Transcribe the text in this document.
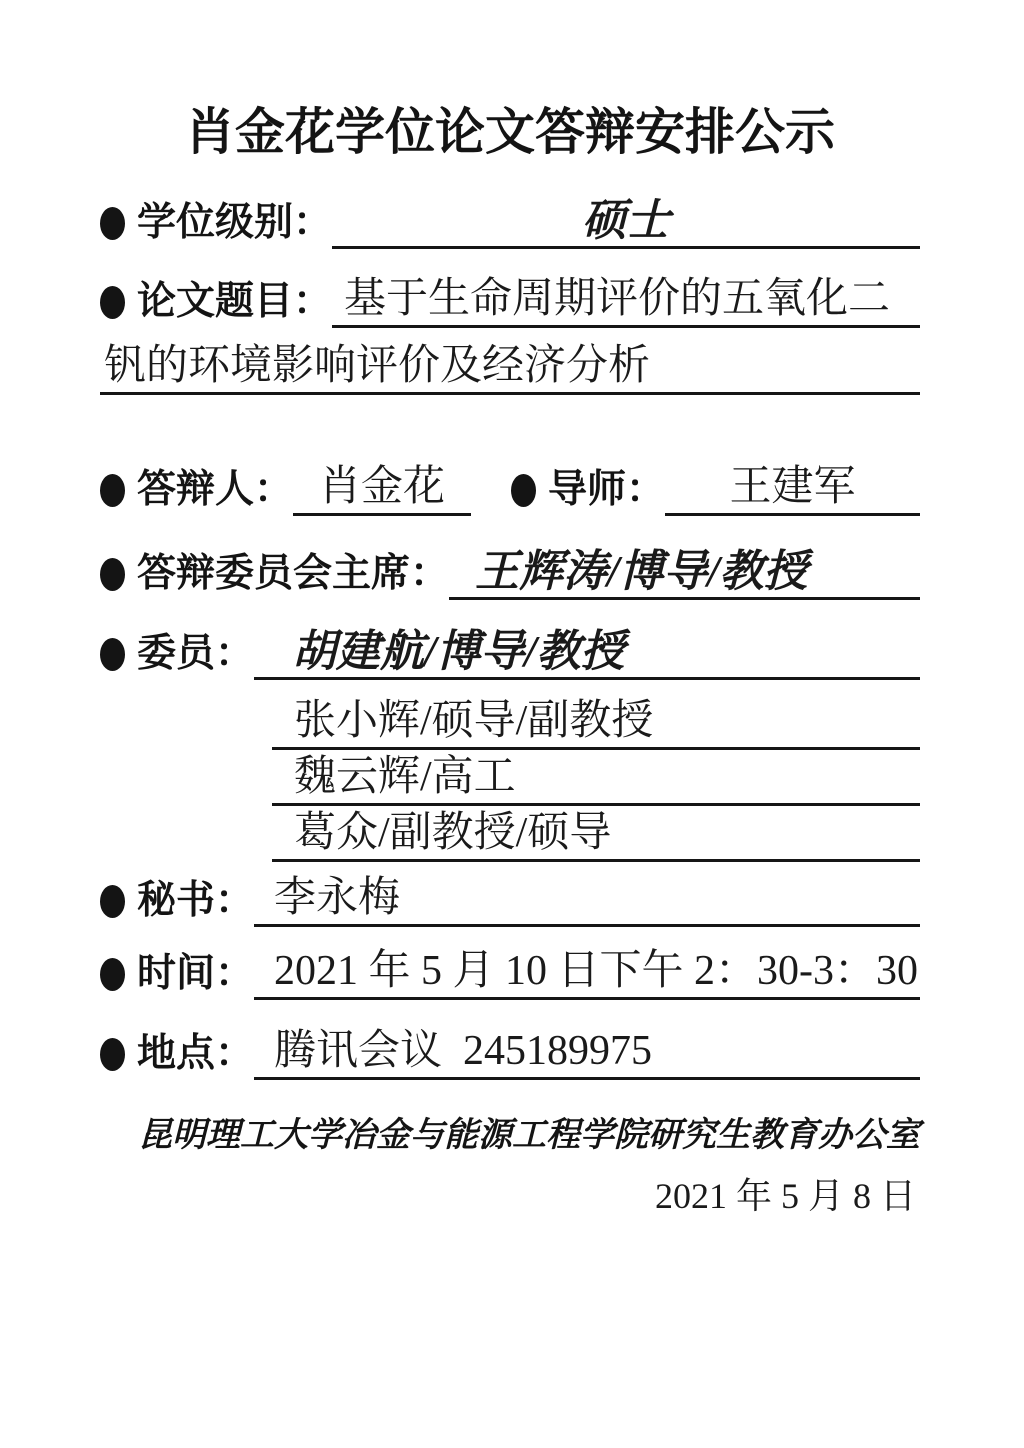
肖金花学位论文答辩安排公示
学位级别：	硕士
论文题目： 基于生命周期评价的五氧化二
钒的环境影响评价及经济分析
答辩人： 肖金花	导师：	王建军
答辩委员会主席： 王辉涛/博导/教授
委员： 胡建航/博导/教授
张小辉/硕导/副教授
魏云辉/高工
葛众/副教授/硕导
秘书： 李永梅
时间： 2021 年 5 月 10 日下午 2：30-3：30
地点： 腾讯会议  245189975
昆明理工大学冶金与能源工程学院研究生教育办公室
2021 年 5 月 8 日
